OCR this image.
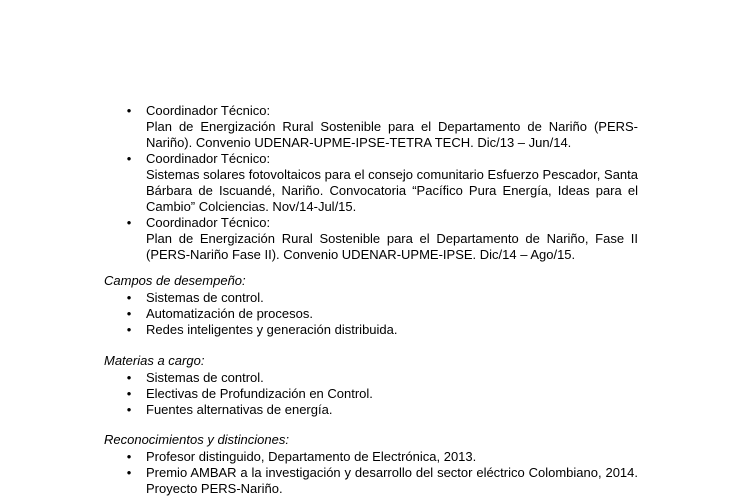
• Coordinador Técnico:
Plan de Energización Rural Sostenible para el Departamento de Nariño (PERS-Nariño). Convenio UDENAR-UPME-IPSE-TETRA TECH. Dic/13 – Jun/14.
• Coordinador Técnico:
Sistemas solares fotovoltaicos para el consejo comunitario Esfuerzo Pescador, Santa Bárbara de Iscuandé, Nariño. Convocatoria “Pacífico Pura Energía, Ideas para el Cambio” Colciencias. Nov/14-Jul/15.
• Coordinador Técnico:
Plan de Energización Rural Sostenible para el Departamento de Nariño, Fase II (PERS-Nariño Fase II). Convenio UDENAR-UPME-IPSE. Dic/14 – Ago/15.

Campos de desempeño:

• Sistemas de control.
• Automatización de procesos.
• Redes inteligentes y generación distribuida.

Materias a cargo:

• Sistemas de control.
• Electivas de Profundización en Control.
• Fuentes alternativas de energía.

Reconocimientos y distinciones:

• Profesor distinguido, Departamento de Electrónica, 2013.
• Premio AMBAR a la investigación y desarrollo del sector eléctrico Colombiano, 2014. Proyecto PERS-Nariño.
